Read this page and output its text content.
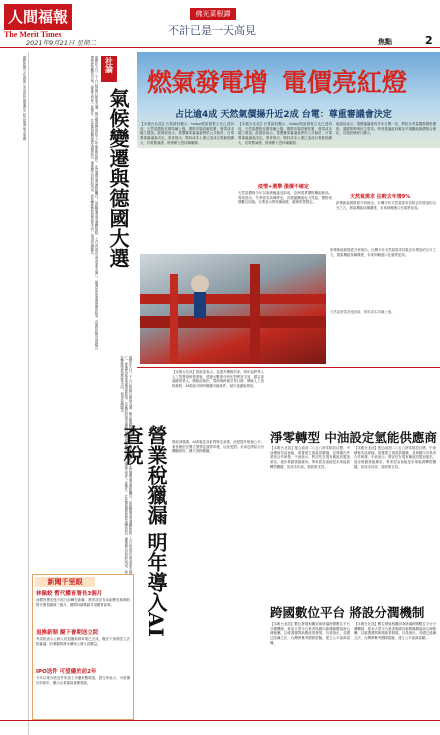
人間福報
The Merit Times
佛光菜根譚
不計已是一天高見
2021年9月21日 星期二	焦點	2
國際新聞 文化藝術 生活資訊 健康養生 綜合報導 地方要聞	社論
氣候變遷與德國大選
德國在九月二十六日將舉行國會大選，梅克爾總理執政十六年後即將卸任，此次選舉備受國際矚目。氣候變遷成為選戰焦點，七月西部洪災造成重大傷亡，使選民更加重視環保政策。各黨紛紛提出減碳目標與能源轉型方案，綠黨支持度一度攀升，社民黨與聯盟黨亦調整政見。選後聯合政府的組成，將影響歐盟氣候政策走向，值得持續關注。
德國在九月二十六日將舉行國會大選，梅克爾總理執政十六年後即將卸任，此次選舉備受國際矚目。氣候變遷成為選戰焦點，七月西部洪災造成重大傷亡，使選民更加重視環保政策。各黨紛紛提出減碳目標與能源轉型方案，綠黨支持度一度攀升，社民黨與聯盟黨亦調整政見。選後聯合政府的組成，將影響歐盟氣候政策走向，值得持續關注。
燃氣發電增 電價亮紅燈
占比逾4成 天然氣價揚升近2成 台電：尊重審議會決定
【本報台北訊】台電資料顯示，today燃氣發電占比已達四成，天然氣價格近期持續上揚，國際市場供應吃緊，發電成本隨之增加。經濟部表示，電價費率審議會將依公式檢討，台電尊重審議會決定。業者指出，燃料成本上漲已造成台電虧損擴大，若電價凍漲，財務壓力恐持續累積。
【本報台北訊】台電資料顯示，today燃氣發電占比已達四成，天然氣價格近期持續上揚，國際市場供應吃緊，發電成本隨之增加。經濟部表示，電價費率審議會將依公式檢討，台電尊重審議會決定。業者指出，燃料成本上漲已造成台電虧損擴大，若電價凍漲，財務壓力恐持續累積。
疫情+選舉 漲價不確定
天然氣價格今年以來漲幅接近兩成，亞洲現貨價格屢創新高。專家指出，冬季需求高峰將至，各國搶購液化天然氣，價格短期難以回落。台電表示將持續調度，確保供電穩定。
能源局表示，電價審議會每半年召開一次，將綜合考量國際燃料價格、通膨情勢與民生需求。學者建議政府應及早規劃能源價格合理化，以免財務缺口擴大。
天然氣需求 估較去年增9%
彭博新能源財經分析指出，台灣今年天然氣需求估較去年增加約百分之九，燃氣機組持續擴建，未來仰賴進口比重將更高。
彭博新能源財經分析指出，台灣今年天然氣需求估較去年增加約百分之九，燃氣機組持續擴建，未來仰賴進口比重將更高。
天然氣發電設施管線，燃料成本持續上漲。
營業稅獵漏 明年導入AI查稅
【本報台北訊】財政部表示，為提升稽徵效率，明年起將導入人工智慧查核營業稅，透過大數據分析比對異常交易，鎖定高風險營業人。國稅局指出，電商與跨境交易日增，傳統人工查核耗時，AI系統可即時篩選可疑案件，減少逃漏稅情形。
財政部強調，AI查稅並非針對特定產業，而是提升租稅公平。業者應依法開立發票並誠實申報，以免受罰。未來也將結合各機關資料，擴大查核範圍。
淨零轉型 中油設定氫能供應商
【本報台北訊】配合政府二○五○淨零排放目標，中油積極布局氫能，規畫建立氫氣供應鏈，並與國內外業者合作研發。中油表示，將評估在現有廠區設置加氫站，逐步推動氫能應用。專家認為氫能是未來能源轉型關鍵，但成本仍高，需政策支持。
【本報台北訊】配合政府二○五○淨零排放目標，中油積極布局氫能，規畫建立氫氣供應鏈，並與國內外業者合作研發。中油表示，將評估在現有廠區設置加氫站，逐步推動氫能應用。專家認為氫能是未來能源轉型關鍵，但成本仍高，需政策支持。
跨國數位平台 將設分潤機制
【本報台北訊】數位發展相關部會研議跨國數位平台分潤機制，要求大型平台業者與國內新聞媒體協商合理報酬，以維護優質新聞產業發展。官員指出，各國已陸續立法，台灣將參考國際經驗，建立公平協商架構。
【本報台北訊】數位發展相關部會研議跨國數位平台分潤機制，要求大型平台業者與國內新聞媒體協商合理報酬，以維護優質新聞產業發展。官員指出，各國已陸續立法，台灣將參考國際經驗，建立公平協商架構。
新聞千里眼
林佩蛟 暫代體育署長3個月
前體育署長張少熙日前轉任新職，教育部宣布由副署長林佩蛟暫代署長職務三個月，期間持續推動各項體育政策。
退換新制 擬下會期送立院
考試院表示公務人員退撫新制草案已完成，擬於下會期送立法院審議，盼兼顧財務永續與公務人員權益。
IPO送件 可望優於前2年
今年以來台股送件申請上市櫃家數增加，證交所表示，可望優於前兩年，顯示企業籌資意願強勁。
